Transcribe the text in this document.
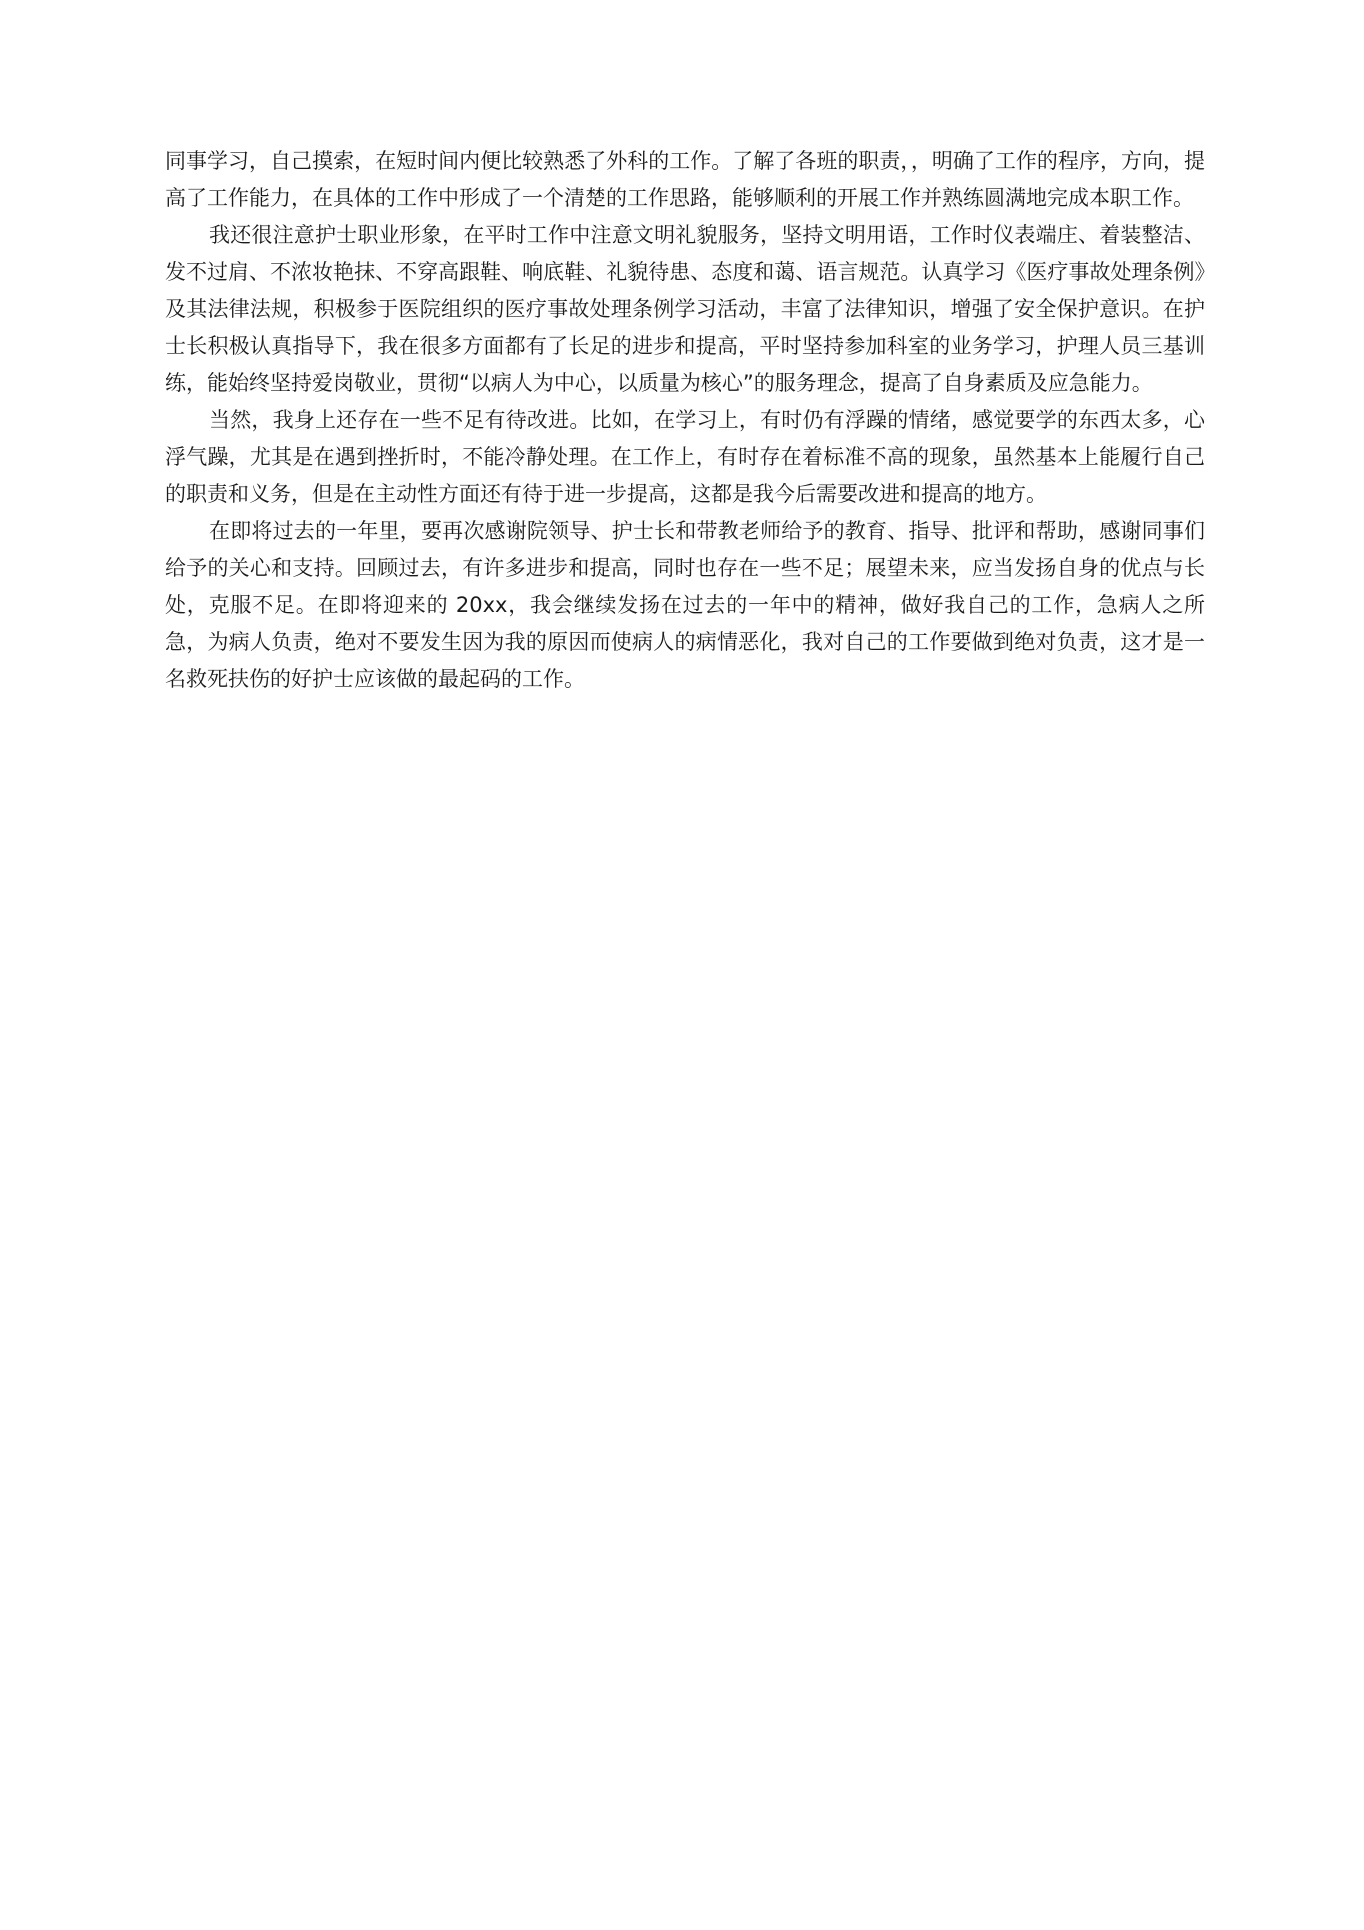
同事学习，自己摸索，在短时间内便比较熟悉了外科的工作。了解了各班的职责，，明确了工作的程序，方向，提高了工作能力，在具体的工作中形成了一个清楚的工作思路，能够顺利的开展工作并熟练圆满地完成本职工作。

我还很注意护士职业形象，在平时工作中注意文明礼貌服务，坚持文明用语，工作时仪表端庄、着装整洁、发不过肩、不浓妆艳抹、不穿高跟鞋、响底鞋、礼貌待患、态度和蔼、语言规范。认真学习《医疗事故处理条例》及其法律法规，积极参于医院组织的医疗事故处理条例学习活动，丰富了法律知识，增强了安全保护意识。在护士长积极认真指导下，我在很多方面都有了长足的进步和提高，平时坚持参加科室的业务学习，护理人员三基训练，能始终坚持爱岗敬业，贯彻“以病人为中心，以质量为核心”的服务理念，提高了自身素质及应急能力。

当然，我身上还存在一些不足有待改进。比如，在学习上，有时仍有浮躁的情绪，感觉要学的东西太多，心浮气躁，尤其是在遇到挫折时，不能冷静处理。在工作上，有时存在着标准不高的现象，虽然基本上能履行自己的职责和义务，但是在主动性方面还有待于进一步提高，这都是我今后需要改进和提高的地方。

在即将过去的一年里，要再次感谢院领导、护士长和带教老师给予的教育、指导、批评和帮助，感谢同事们给予的关心和支持。回顾过去，有许多进步和提高，同时也存在一些不足；展望未来，应当发扬自身的优点与长处，克服不足。在即将迎来的 20xx，我会继续发扬在过去的一年中的精神，做好我自己的工作，急病人之所急，为病人负责，绝对不要发生因为我的原因而使病人的病情恶化，我对自己的工作要做到绝对负责，这才是一名救死扶伤的好护士应该做的最起码的工作。
